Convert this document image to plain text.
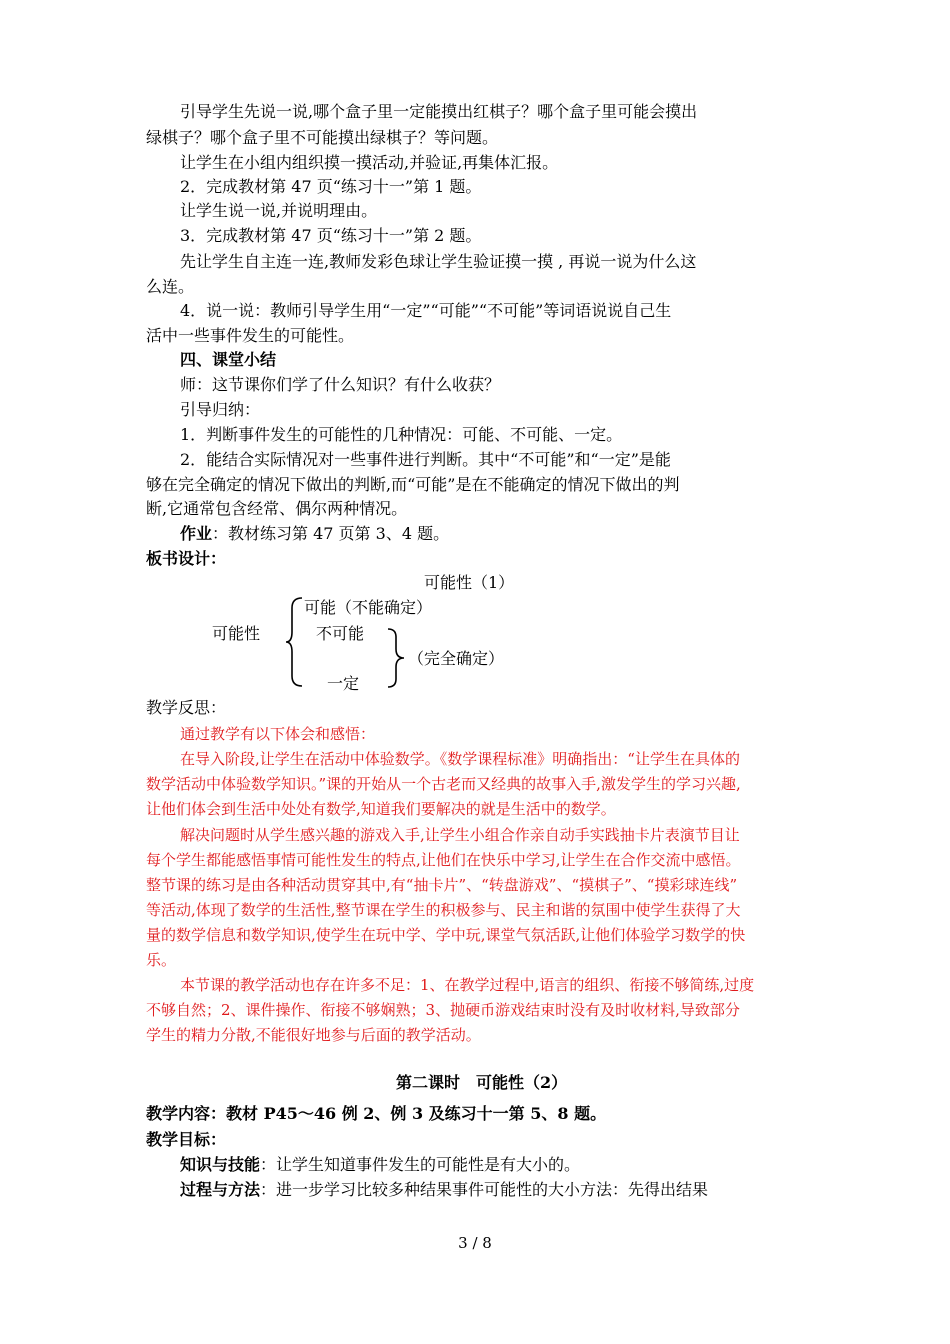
引导学生先说一说,哪个盒子里一定能摸出红棋子？哪个盒子里可能会摸出
绿棋子？哪个盒子里不可能摸出绿棋子？等问题。
让学生在小组内组织摸一摸活动,并验证,再集体汇报。
2．完成教材第 47 页“练习十一”第 1 题。
让学生说一说,并说明理由。
3．完成教材第 47 页“练习十一”第 2 题。
先让学生自主连一连,教师发彩色球让学生验证摸一摸 , 再说一说为什么这
么连。
4．说一说：教师引导学生用“一定”“可能”“不可能”等词语说说自己生
活中一些事件发生的可能性。
四、课堂小结
师：这节课你们学了什么知识？有什么收获？
引导归纳：
1．判断事件发生的可能性的几种情况：可能、不可能、一定。
2．能结合实际情况对一些事件进行判断。其中“不可能”和“一定”是能
够在完全确定的情况下做出的判断,而“可能”是在不能确定的情况下做出的判
断,它通常包含经常、偶尔两种情况。
作业：教材练习第 47 页第 3、4 题。
板书设计：
可能性（1）
可能性
可能（不能确定）
不可能
一定
（完全确定）
教学反思：
通过教学有以下体会和感悟：
在导入阶段,让学生在活动中体验数学。《数学课程标准》明确指出：“让学生在具体的
数学活动中体验数学知识。”课的开始从一个古老而又经典的故事入手,激发学生的学习兴趣,
让他们体会到生活中处处有数学,知道我们要解决的就是生活中的数学。
解决问题时从学生感兴趣的游戏入手,让学生小组合作亲自动手实践抽卡片表演节目让
每个学生都能感悟事情可能性发生的特点,让他们在快乐中学习,让学生在合作交流中感悟。
整节课的练习是由各种活动贯穿其中,有“抽卡片”、“转盘游戏”、“摸棋子”、“摸彩球连线”
等活动,体现了数学的生活性,整节课在学生的积极参与、民主和谐的氛围中使学生获得了大
量的数学信息和数学知识,使学生在玩中学、学中玩,课堂气氛活跃,让他们体验学习数学的快
乐。
本节课的教学活动也存在许多不足：1、在教学过程中,语言的组织、衔接不够简练,过度
不够自然；2、课件操作、衔接不够娴熟；3、抛硬币游戏结束时没有及时收材料,导致部分
学生的精力分散,不能很好地参与后面的教学活动。
第二课时　可能性（2）
教学内容：教材 P45～46 例 2、例 3 及练习十一第 5、8 题。
教学目标：
知识与技能：让学生知道事件发生的可能性是有大小的。
过程与方法：进一步学习比较多种结果事件可能性的大小方法：先得出结果
3 / 8
